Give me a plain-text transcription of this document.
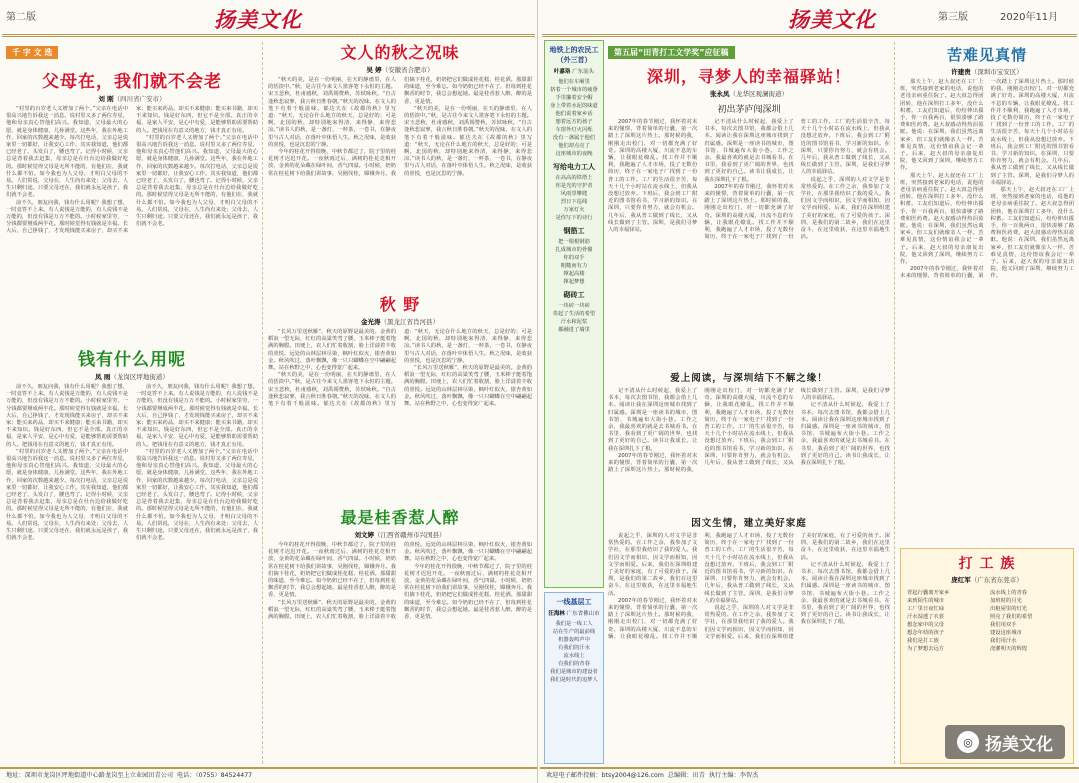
第二版	扬美文化
千 字 文 选
父母在，我们就不会老
刘 刚（四川省广安市）

“村里的百岁老人又增加了两个。”父亲在电话中很高兴地告诉我这一消息。说村里又多了两位寿星，他和母亲真心替他们高兴。我知道，父母最大的心愿，就是身体健康，儿孙满堂。这些年，我在外地工作，回家的次数越来越少。每次打电话，父亲总是说家里一切都好，让我安心工作。其实我知道，他们都已经老了，头发白了，腰也弯了。记得小时候，父亲总是背着我去赶集，母亲总是在灶台边给我做好吃的。那时候觉得父母是无所不能的，有他们在，我就什么都不怕。如今我也为人父母，才明白父母的不易。人们常说，父母在，人生尚有来处；父母去，人生只剩归途。只要父母还在，我们就永远是孩子，我们就不会老。

前不久，朋友问我，钱有什么用呢？我想了想，一时竟答不上来。有人说钱是万能的，有人说钱不是万能的，但没有钱是万万不能的。小时候家里穷，一分钱都要掰成两半花。那时候觉得有钱就是幸福。长大后，自己挣钱了，才发现钱能买来房子，却买不来家；能买来药品，却买不来健康；能买来书籍，却买不来知识。钱是好东西，但它不是全部。真正的幸福，是家人平安，是心中有爱，是能够帮助需要帮助的人。把钱用在有意义的地方，钱才真正有用。

“村里的百岁老人又增加了两个。”父亲在电话中很高兴地告诉我这一消息。说村里又多了两位寿星，他和母亲真心替他们高兴。我知道，父母最大的心愿，就是身体健康，儿孙满堂。这些年，我在外地工作，回家的次数越来越少。每次打电话，父亲总是说家里一切都好，让我安心工作。其实我知道，他们都已经老了，头发白了，腰也弯了。记得小时候，父亲总是背着我去赶集，母亲总是在灶台边给我做好吃的。那时候觉得父母是无所不能的，有他们在，我就什么都不怕。如今我也为人父母，才明白父母的不易。人们常说，父母在，人生尚有来处；父母去，人生只剩归途。只要父母还在，我们就永远是孩子，我们就不会老。

钱有什么用呢
凤 雨（龙岗区坪地街道）

前不久，朋友问我，钱有什么用呢？我想了想，一时竟答不上来。有人说钱是万能的，有人说钱不是万能的，但没有钱是万万不能的。小时候家里穷，一分钱都要掰成两半花。那时候觉得有钱就是幸福。长大后，自己挣钱了，才发现钱能买来房子，却买不来家；能买来药品，却买不来健康；能买来书籍，却买不来知识。钱是好东西，但它不是全部。真正的幸福，是家人平安，是心中有爱，是能够帮助需要帮助的人。把钱用在有意义的地方，钱才真正有用。

“村里的百岁老人又增加了两个。”父亲在电话中很高兴地告诉我这一消息。说村里又多了两位寿星，他和母亲真心替他们高兴。我知道，父母最大的心愿，就是身体健康，儿孙满堂。这些年，我在外地工作，回家的次数越来越少。每次打电话，父亲总是说家里一切都好，让我安心工作。其实我知道，他们都已经老了，头发白了，腰也弯了。记得小时候，父亲总是背着我去赶集，母亲总是在灶台边给我做好吃的。那时候觉得父母是无所不能的，有他们在，我就什么都不怕。如今我也为人父母，才明白父母的不易。人们常说，父母在，人生尚有来处；父母去，人生只剩归途。只要父母还在，我们就永远是孩子，我们就不会老。

前不久，朋友问我，钱有什么用呢？我想了想，一时竟答不上来。有人说钱是万能的，有人说钱不是万能的，但没有钱是万万不能的。小时候家里穷，一分钱都要掰成两半花。那时候觉得有钱就是幸福。长大后，自己挣钱了，才发现钱能买来房子，却买不来家；能买来药品，却买不来健康；能买来书籍，却买不来知识。钱是好东西，但它不是全部。真正的幸福，是家人平安，是心中有爱，是能够帮助需要帮助的人。把钱用在有意义的地方，钱才真正有用。

“村里的百岁老人又增加了两个。”父亲在电话中很高兴地告诉我这一消息。说村里又多了两位寿星，他和母亲真心替他们高兴。我知道，父母最大的心愿，就是身体健康，儿孙满堂。这些年，我在外地工作，回家的次数越来越少。每次打电话，父亲总是说家里一切都好，让我安心工作。其实我知道，他们都已经老了，头发白了，腰也弯了。记得小时候，父亲总是背着我去赶集，母亲总是在灶台边给我做好吃的。那时候觉得父母是无所不能的，有他们在，我就什么都不怕。如今我也为人父母，才明白父母的不易。人们常说，父母在，人生尚有来处；父母去，人生只剩归途。只要父母还在，我们就永远是孩子，我们就不会老。

文人的秋之况味
吴 婷（安徽省合肥市）

“秋天的美，是在一份明丽，在天的静谧里，在人的恬淡中。”秋，是古往今来文人墨客笔下永恒的主题。宋玉悲秋，杜甫感秋，刘禹锡赞秋，苏轼咏秋。“自古逢秋悲寂寥，我言秋日胜春朝。”秋天的况味，在文人的笔下有着千般滋味。郁达夫在《故都的秋》里写道：“秋天，无论在什么地方的秋天，总是好的；可是啊，北国的秋，却特别地来得清，来得静，来得悲凉。”读书人的秋，是一盏灯，一杯茶，一卷书，在静夜里与古人对话，在落叶中体悟人生。秋之况味，是收获的喜悦，也是沉思的宁静。

今年的桂花开得很晚，中秋节都过了，院子里的桂花树才迟迟开花。一夜秋雨过后，满树的桂花竞相开放，金黄的花朵藏在绿叶间，香气四溢。小时候，奶奶常在桂花树下给我们讲故事，吴刚伐桂，嫦娥奔月。我们摘下桂花，奶奶把它们做成桂花糕、桂花酒。那甜甜的味道，至今难忘。如今奶奶已经不在了，但每到桂花飘香的时节，我总会想起她。最是桂香惹人醉，醉的是香，更是情。

“秋天的美，是在一份明丽，在天的静谧里，在人的恬淡中。”秋，是古往今来文人墨客笔下永恒的主题。宋玉悲秋，杜甫感秋，刘禹锡赞秋，苏轼咏秋。“自古逢秋悲寂寥，我言秋日胜春朝。”秋天的况味，在文人的笔下有着千般滋味。郁达夫在《故都的秋》里写道：“秋天，无论在什么地方的秋天，总是好的；可是啊，北国的秋，却特别地来得清，来得静，来得悲凉。”读书人的秋，是一盏灯，一杯茶，一卷书，在静夜里与古人对话，在落叶中体悟人生。秋之况味，是收获的喜悦，也是沉思的宁静。

秋 野
金光涛（黑龙江省肖河县）

“长风万里送秋雁”，秋天的原野是最美的。金黄的稻浪一望无际，红红的高粱笑弯了腰，玉米棒子挺着饱满的胸膛。田埂上，农人们忙着收割，脸上洋溢着丰收的喜悦。远处的山林层林尽染，枫叶红似火，银杏黄如金。秋风吹过，落叶飘飘，像一只只蝴蝶在空中翩翩起舞。站在秋野之中，心也变得宽广起来。

“秋天的美，是在一份明丽，在天的静谧里，在人的恬淡中。”秋，是古往今来文人墨客笔下永恒的主题。宋玉悲秋，杜甫感秋，刘禹锡赞秋，苏轼咏秋。“自古逢秋悲寂寥，我言秋日胜春朝。”秋天的况味，在文人的笔下有着千般滋味。郁达夫在《故都的秋》里写道：“秋天，无论在什么地方的秋天，总是好的；可是啊，北国的秋，却特别地来得清，来得静，来得悲凉。”读书人的秋，是一盏灯，一杯茶，一卷书，在静夜里与古人对话，在落叶中体悟人生。秋之况味，是收获的喜悦，也是沉思的宁静。

“长风万里送秋雁”，秋天的原野是最美的。金黄的稻浪一望无际，红红的高粱笑弯了腰，玉米棒子挺着饱满的胸膛。田埂上，农人们忙着收割，脸上洋溢着丰收的喜悦。远处的山林层林尽染，枫叶红似火，银杏黄如金。秋风吹过，落叶飘飘，像一只只蝴蝶在空中翩翩起舞。站在秋野之中，心也变得宽广起来。

最是桂香惹人醉
刘文婷（江西省赣州市兴国县）

今年的桂花开得很晚，中秋节都过了，院子里的桂花树才迟迟开花。一夜秋雨过后，满树的桂花竞相开放，金黄的花朵藏在绿叶间，香气四溢。小时候，奶奶常在桂花树下给我们讲故事，吴刚伐桂，嫦娥奔月。我们摘下桂花，奶奶把它们做成桂花糕、桂花酒。那甜甜的味道，至今难忘。如今奶奶已经不在了，但每到桂花飘香的时节，我总会想起她。最是桂香惹人醉，醉的是香，更是情。

“长风万里送秋雁”，秋天的原野是最美的。金黄的稻浪一望无际，红红的高粱笑弯了腰，玉米棒子挺着饱满的胸膛。田埂上，农人们忙着收割，脸上洋溢着丰收的喜悦。远处的山林层林尽染，枫叶红似火，银杏黄如金。秋风吹过，落叶飘飘，像一只只蝴蝶在空中翩翩起舞。站在秋野之中，心也变得宽广起来。

今年的桂花开得很晚，中秋节都过了，院子里的桂花树才迟迟开花。一夜秋雨过后，满树的桂花竞相开放，金黄的花朵藏在绿叶间，香气四溢。小时候，奶奶常在桂花树下给我们讲故事，吴刚伐桂，嫦娥奔月。我们摘下桂花，奶奶把它们做成桂花糕、桂花酒。那甜甜的味道，至今难忘。如今奶奶已经不在了，但每到桂花飘香的时节，我总会想起她。最是桂香惹人醉，醉的是香，更是情。

地址：深圳市龙岗区坪地街道中心路龙岗至上立业园田青公司 电话：（0755）84524477
扬美文化	第三版	2020年11月
地铁上的农民工（外三首）
叶嘉珞 广东汕头
他们在车厢里
挤着一个城市的疲惫
手里攥着安全帽
身上带着水泥的味道
他们说着家乡话
想着远方的孩子
车窗外灯火闪烁
没有一盏属于他们
他们却点亮了
这座城市的夜晚
写给电力工人
在高高的铁塔上
你是光的守护者
风雨里攀爬
烈日下巡线
万家灯火
是你写下的诗行
钢筋工
把一根根钢筋
扎成城市的骨骼
你的双手
粗糙而有力
撑起高楼
撑起梦想
砌砖工
一块砖一块砖
垒起了生活的希望
汗水和泥浆
都融进了墙里
一线基层工
汪海林 广东省佛山市
我们是一线工人
站在生产的最前线
机器轰鸣声中
有我们的汗水
流水线上
有我们的青春
我们是城市的建设者
我们是时代的追梦人
第五届“田青打工文学奖”应征稿
深圳，寻梦人的幸福驿站！
张永凤（龙华区观澜街道）
初出茅庐闯深圳

2007年的春节刚过，我怀着对未来的憧憬，背着简单的行囊，第一次踏上了深圳这片热土。那时候的我，刚刚走出校门，对一切都充满了好奇。深圳的高楼大厦，川流不息的车辆，让我眼花缭乱。找工作并不顺利，我跑遍了人才市场，投了无数份简历，终于在一家电子厂找到了一份普工的工作。工厂的生活很辛苦，每天十几个小时站在流水线上，但我从没想过放弃。下班后，我会到工厂附近的图书馆看书，学习新的知识。在深圳，只要你肯努力，就会有机会。几年后，我从普工做到了线长，又从线长做到了主管。深圳，是我们寻梦人的幸福驿站。

记不清从什么时候起，我爱上了书本，每次去图书馆，我都会借上几本。阅读让我在深圳这座城市找到了归属感。深圳是一座读书的城市，图书馆、书城遍布大街小巷。工作之余，我最喜欢的就是去书城看书。在书里，我看到了更广阔的世界，也找到了更好的自己。读书让我成长，让我在深圳扎下了根。

2007年的春节刚过，我怀着对未来的憧憬，背着简单的行囊，第一次踏上了深圳这片热土。那时候的我，刚刚走出校门，对一切都充满了好奇。深圳的高楼大厦，川流不息的车辆，让我眼花缭乱。找工作并不顺利，我跑遍了人才市场，投了无数份简历，终于在一家电子厂找到了一份普工的工作。工厂的生活很辛苦，每天十几个小时站在流水线上，但我从没想过放弃。下班后，我会到工厂附近的图书馆看书，学习新的知识。在深圳，只要你肯努力，就会有机会。几年后，我从普工做到了线长，又从线长做到了主管。深圳，是我们寻梦人的幸福驿站。

说起之乎，深圳的人对文学是非常热爱的。在工作之余，我参加了文学社，在那里我结识了我的爱人。我们因文学而相识，因文学而相知，因文学而相爱。后来，我们在深圳组建了美好的家庭，有了可爱的孩子。深圳，是我们的第二故乡，我们在这里奋斗，在这里收获，在这里幸福地生活。

爱上阅读，与深圳结下不解之缘！

记不清从什么时候起，我爱上了书本，每次去图书馆，我都会借上几本。阅读让我在深圳这座城市找到了归属感。深圳是一座读书的城市，图书馆、书城遍布大街小巷。工作之余，我最喜欢的就是去书城看书。在书里，我看到了更广阔的世界，也找到了更好的自己。读书让我成长，让我在深圳扎下了根。

2007年的春节刚过，我怀着对未来的憧憬，背着简单的行囊，第一次踏上了深圳这片热土。那时候的我，刚刚走出校门，对一切都充满了好奇。深圳的高楼大厦，川流不息的车辆，让我眼花缭乱。找工作并不顺利，我跑遍了人才市场，投了无数份简历，终于在一家电子厂找到了一份普工的工作。工厂的生活很辛苦，每天十几个小时站在流水线上，但我从没想过放弃。下班后，我会到工厂附近的图书馆看书，学习新的知识。在深圳，只要你肯努力，就会有机会。几年后，我从普工做到了线长，又从线长做到了主管。深圳，是我们寻梦人的幸福驿站。

记不清从什么时候起，我爱上了书本，每次去图书馆，我都会借上几本。阅读让我在深圳这座城市找到了归属感。深圳是一座读书的城市，图书馆、书城遍布大街小巷。工作之余，我最喜欢的就是去书城看书。在书里，我看到了更广阔的世界，也找到了更好的自己。读书让我成长，让我在深圳扎下了根。

因文生情，建立美好家庭

说起之乎，深圳的人对文学是非常热爱的。在工作之余，我参加了文学社，在那里我结识了我的爱人。我们因文学而相识，因文学而相知，因文学而相爱。后来，我们在深圳组建了美好的家庭，有了可爱的孩子。深圳，是我们的第二故乡，我们在这里奋斗，在这里收获，在这里幸福地生活。

2007年的春节刚过，我怀着对未来的憧憬，背着简单的行囊，第一次踏上了深圳这片热土。那时候的我，刚刚走出校门，对一切都充满了好奇。深圳的高楼大厦，川流不息的车辆，让我眼花缭乱。找工作并不顺利，我跑遍了人才市场，投了无数份简历，终于在一家电子厂找到了一份普工的工作。工厂的生活很辛苦，每天十几个小时站在流水线上，但我从没想过放弃。下班后，我会到工厂附近的图书馆看书，学习新的知识。在深圳，只要你肯努力，就会有机会。几年后，我从普工做到了线长，又从线长做到了主管。深圳，是我们寻梦人的幸福驿站。

说起之乎，深圳的人对文学是非常热爱的。在工作之余，我参加了文学社，在那里我结识了我的爱人。我们因文学而相识，因文学而相知，因文学而相爱。后来，我们在深圳组建了美好的家庭，有了可爱的孩子。深圳，是我们的第二故乡，我们在这里奋斗，在这里收获，在这里幸福地生活。

记不清从什么时候起，我爱上了书本，每次去图书馆，我都会借上几本。阅读让我在深圳这座城市找到了归属感。深圳是一座读书的城市，图书馆、书城遍布大街小巷。工作之余，我最喜欢的就是去书城看书。在书里，我看到了更广阔的世界，也找到了更好的自己。读书让我成长，让我在深圳扎下了根。

苦难见真情
许建贵（深圳市宝安区）

那天上午，赵大叔还在工厂上班，突然接到老家的电话，说他的老母亲病重住院了。赵大叔急得团团转，他在深圳打工多年，没什么积蓄。工友们知道后，纷纷伸出援手，你一百我两百，很快凑够了路费和医药费。赵大叔感动得热泪盈眶。他说：在深圳，我们虽然远离家乡，但工友们就像亲人一样。苦难见真情，这份情谊我会记一辈子。后来，赵大叔的母亲康复出院，他又回到了深圳，继续努力工作。

那天上午，赵大叔还在工厂上班，突然接到老家的电话，说他的老母亲病重住院了。赵大叔急得团团转，他在深圳打工多年，没什么积蓄。工友们知道后，纷纷伸出援手，你一百我两百，很快凑够了路费和医药费。赵大叔感动得热泪盈眶。他说：在深圳，我们虽然远离家乡，但工友们就像亲人一样。苦难见真情，这份情谊我会记一辈子。后来，赵大叔的母亲康复出院，他又回到了深圳，继续努力工作。

2007年的春节刚过，我怀着对未来的憧憬，背着简单的行囊，第一次踏上了深圳这片热土。那时候的我，刚刚走出校门，对一切都充满了好奇。深圳的高楼大厦，川流不息的车辆，让我眼花缭乱。找工作并不顺利，我跑遍了人才市场，投了无数份简历，终于在一家电子厂找到了一份普工的工作。工厂的生活很辛苦，每天十几个小时站在流水线上，但我从没想过放弃。下班后，我会到工厂附近的图书馆看书，学习新的知识。在深圳，只要你肯努力，就会有机会。几年后，我从普工做到了线长，又从线长做到了主管。深圳，是我们寻梦人的幸福驿站。

那天上午，赵大叔还在工厂上班，突然接到老家的电话，说他的老母亲病重住院了。赵大叔急得团团转，他在深圳打工多年，没什么积蓄。工友们知道后，纷纷伸出援手，你一百我两百，很快凑够了路费和医药费。赵大叔感动得热泪盈眶。他说：在深圳，我们虽然远离家乡，但工友们就像亲人一样。苦难见真情，这份情谊我会记一辈子。后来，赵大叔的母亲康复出院，他又回到了深圳，继续努力工作。

打 工 族
庞红军（广东省东莞市）
背起行囊离开家乡
来到陌生的城市
工厂里日夜忙碌
汗水湿透了衣裳
想念家中的父母
想念年幼的孩子
我们是打工族
为了梦想去远方
流水线上的青春
加班时的月光
出租屋里的灯光
照亮了我们的希望
我们用双手
建设这座城市
我们用汗水
浇灌明天的辉煌
欢迎电子邮件投稿：btsy2004@126.com 总编辑：田青 执行主编：李智杰
◎ 扬美文化
